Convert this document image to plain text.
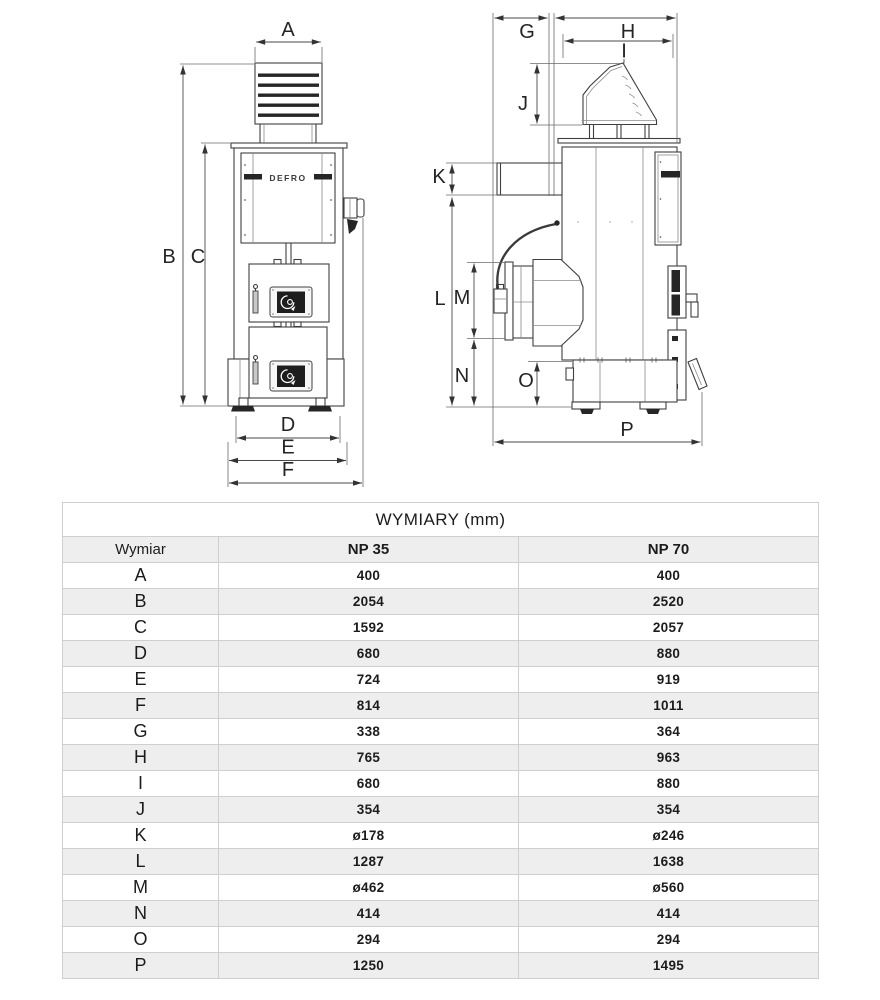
DEFRO
A
B C
D
E
F
G	H
I
J
K
L M
N O
P
WYMIARY (mm)		
Wymiar	NP 35	NP 70
A	400	400
B	2054	2520
C	1592	2057
D	680	880
E	724	919
F	814	1011
G	338	364
H	765	963
I	680	880
J	354	354
K	ø178	ø246
L	1287	1638
M	ø462	ø560
N	414	414
O	294	294
P	1250	1495
